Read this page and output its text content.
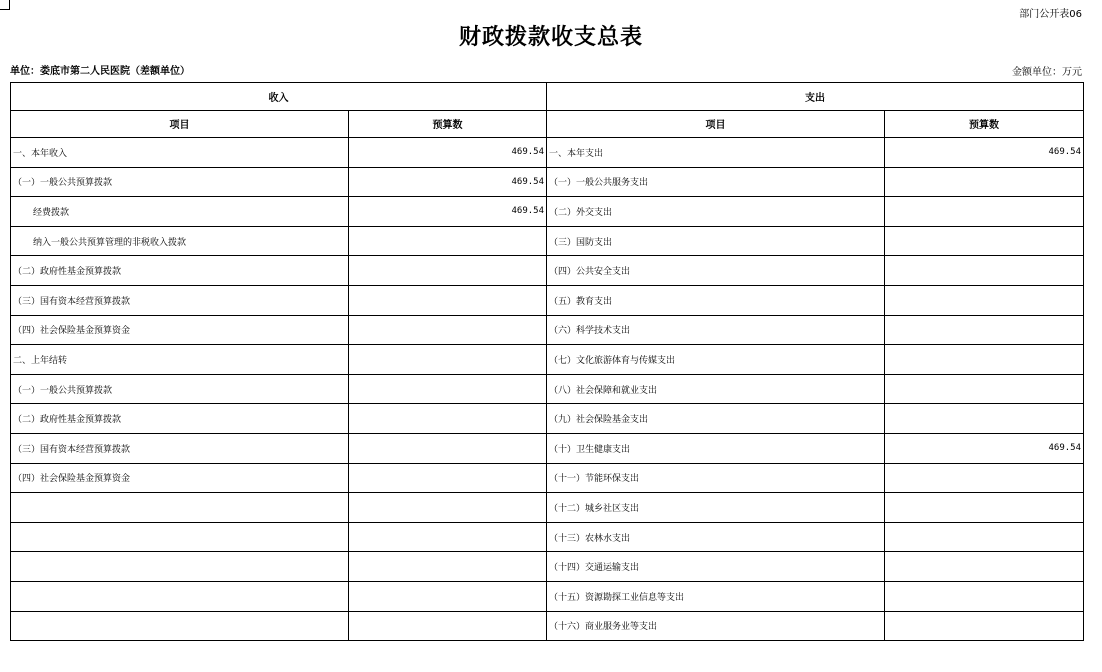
部门公开表06
财政拨款收支总表
单位：娄底市第二人民医院（差额单位）	金额单位：万元
收入		支出	
项目	预算数	项目	预算数
一、本年收入	469.54	一、本年支出	469.54
（一）一般公共预算拨款	469.54	（一）一般公共服务支出	
经费拨款	469.54	（二）外交支出	
纳入一般公共预算管理的非税收入拨款		（三）国防支出	
（二）政府性基金预算拨款		（四）公共安全支出	
（三）国有资本经营预算拨款		（五）教育支出	
（四）社会保险基金预算资金		（六）科学技术支出	
二、上年结转		（七）文化旅游体育与传媒支出	
（一）一般公共预算拨款		（八）社会保障和就业支出	
（二）政府性基金预算拨款		（九）社会保险基金支出	
（三）国有资本经营预算拨款		（十）卫生健康支出	469.54
（四）社会保险基金预算资金		（十一）节能环保支出	
		（十二）城乡社区支出	
		（十三）农林水支出	
		（十四）交通运输支出	
		（十五）资源勘探工业信息等支出	
		（十六）商业服务业等支出	
